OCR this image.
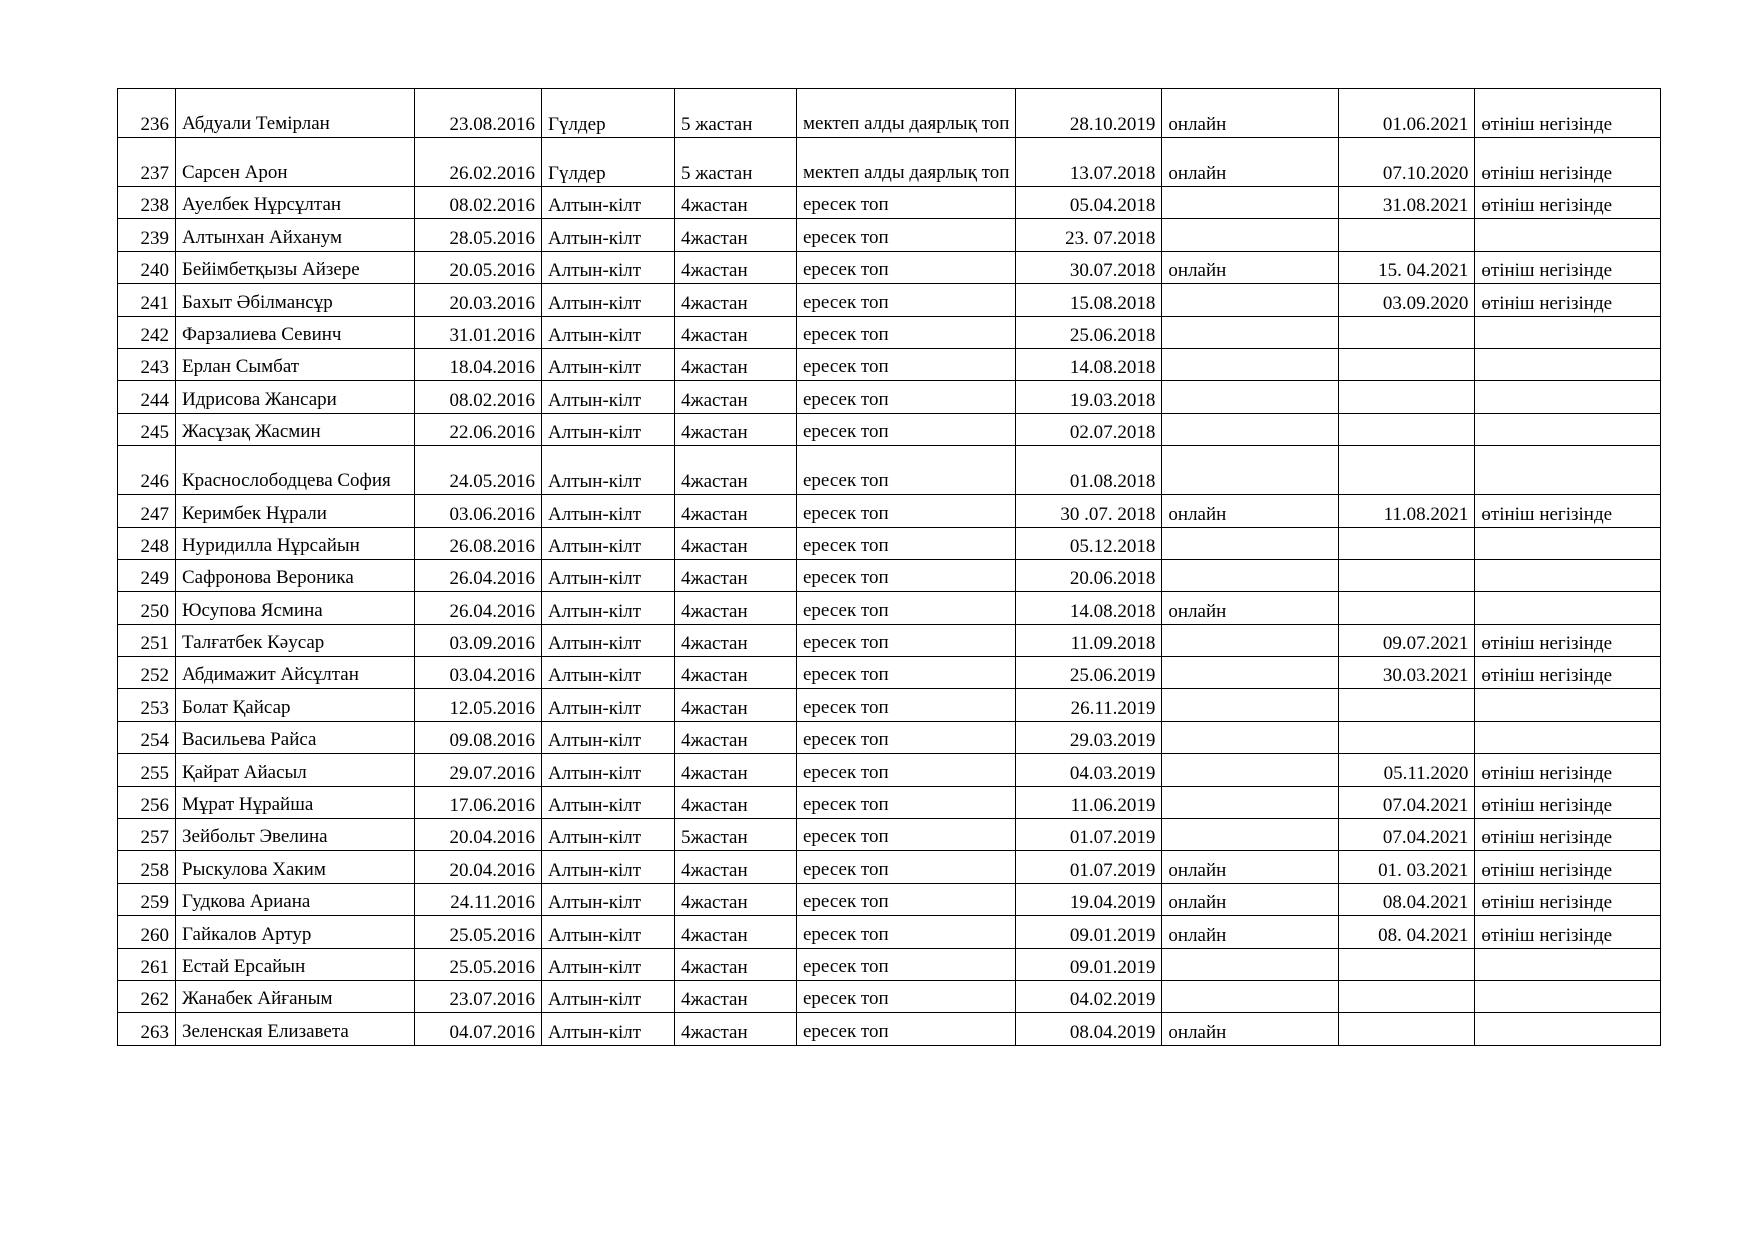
236	Абдуали Темірлан	23.08.2016	Гүлдер	5 жастан	мектеп алды даярлық топ	28.10.2019	онлайн	01.06.2021	өтініш негізінде
237	Сарсен Арон	26.02.2016	Гүлдер	5 жастан	мектеп алды даярлық топ	13.07.2018	онлайн	07.10.2020	өтініш негізінде
238	Ауелбек Нұрсұлтан	08.02.2016	Алтын-кілт	4жастан	ересек топ	05.04.2018		31.08.2021	өтініш негізінде
239	Алтынхан Айханум	28.05.2016	Алтын-кілт	4жастан	ересек топ	23. 07.2018			
240	Бейімбетқызы Айзере	20.05.2016	Алтын-кілт	4жастан	ересек топ	30.07.2018	онлайн	15. 04.2021	өтініш негізінде
241	Бахыт Әбілмансұр	20.03.2016	Алтын-кілт	4жастан	ересек топ	15.08.2018		03.09.2020	өтініш негізінде
242	Фарзалиева Севинч	31.01.2016	Алтын-кілт	4жастан	ересек топ	25.06.2018			
243	Ерлан Сымбат	18.04.2016	Алтын-кілт	4жастан	ересек топ	14.08.2018			
244	Идрисова Жансари	08.02.2016	Алтын-кілт	4жастан	ересек топ	19.03.2018			
245	Жасұзақ Жасмин	22.06.2016	Алтын-кілт	4жастан	ересек топ	02.07.2018			
246	Краснослободцева София	24.05.2016	Алтын-кілт	4жастан	ересек топ	01.08.2018			
247	Керимбек Нұрали	03.06.2016	Алтын-кілт	4жастан	ересек топ	30 .07. 2018	онлайн	11.08.2021	өтініш негізінде
248	Нуридилла Нұрсайын	26.08.2016	Алтын-кілт	4жастан	ересек топ	05.12.2018			
249	Сафронова Вероника	26.04.2016	Алтын-кілт	4жастан	ересек топ	20.06.2018			
250	Юсупова Ясмина	26.04.2016	Алтын-кілт	4жастан	ересек топ	14.08.2018	онлайн		
251	Талғатбек Кәусар	03.09.2016	Алтын-кілт	4жастан	ересек топ	11.09.2018		09.07.2021	өтініш негізінде
252	Абдимажит Айсұлтан	03.04.2016	Алтын-кілт	4жастан	ересек топ	25.06.2019		30.03.2021	өтініш негізінде
253	Болат Қайсар	12.05.2016	Алтын-кілт	4жастан	ересек топ	26.11.2019			
254	Васильева Райса	09.08.2016	Алтын-кілт	4жастан	ересек топ	29.03.2019			
255	Қайрат Айасыл	29.07.2016	Алтын-кілт	4жастан	ересек топ	04.03.2019		05.11.2020	өтініш негізінде
256	Мұрат Нұрайша	17.06.2016	Алтын-кілт	4жастан	ересек топ	11.06.2019		07.04.2021	өтініш негізінде
257	Зейбольт Эвелина	20.04.2016	Алтын-кілт	5жастан	ересек топ	01.07.2019		07.04.2021	өтініш негізінде
258	Рыскулова Хаким	20.04.2016	Алтын-кілт	4жастан	ересек топ	01.07.2019	онлайн	01. 03.2021	өтініш негізінде
259	Гудкова Ариана	24.11.2016	Алтын-кілт	4жастан	ересек топ	19.04.2019	онлайн	08.04.2021	өтініш негізінде
260	Гайкалов Артур	25.05.2016	Алтын-кілт	4жастан	ересек топ	09.01.2019	онлайн	08. 04.2021	өтініш негізінде
261	Естай Ерсайын	25.05.2016	Алтын-кілт	4жастан	ересек топ	09.01.2019			
262	Жанабек Айғаным	23.07.2016	Алтын-кілт	4жастан	ересек топ	04.02.2019			
263	Зеленская Елизавета	04.07.2016	Алтын-кілт	4жастан	ересек топ	08.04.2019	онлайн		
